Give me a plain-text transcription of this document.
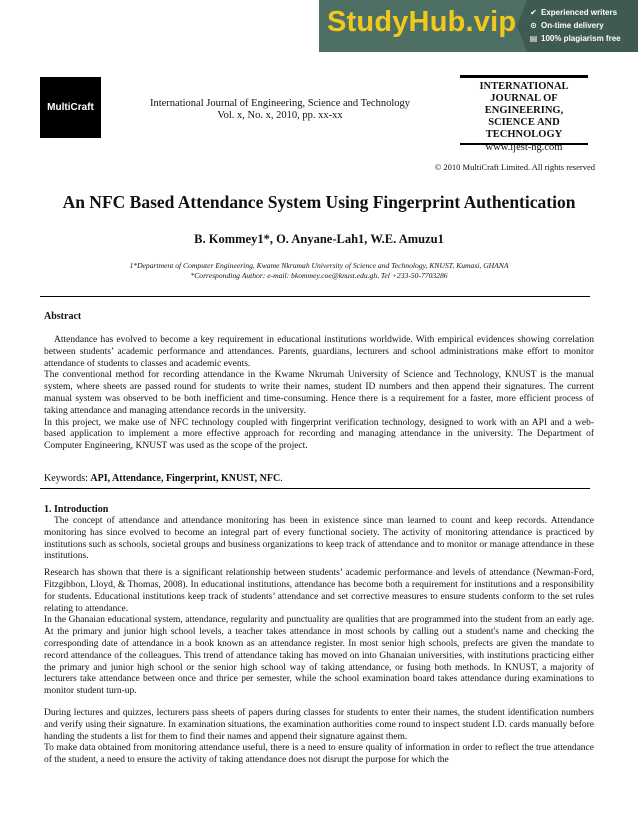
StudyHub.vip ✔ Experienced writers
⊙ On-time delivery
▤ 100% plagiarism free
MultiCraft	International Journal of Engineering, Science and Technology
Vol. x, No. x, 2010, pp. xx-xx
INTERNATIONAL
JOURNAL OF
ENGINEERING,
SCIENCE AND
TECHNOLOGY
www.ijest-ng.com
© 2010 MultiCraft Limited. All rights reserved
An NFC Based Attendance System Using Fingerprint Authentication
B. Kommey1*, O. Anyane-Lah1, W.E. Amuzu1
1*Department of Computer Engineering, Kwame Nkrumah University of Science and Technology, KNUST, Kumasi, GHANA
*Corresponding Author: e-mail: bkommey.coe@knust.edu.gh, Tel +233-50-7703286
Abstract

Attendance has evolved to become a key requirement in educational institutions worldwide. With empirical evidences showing correlation between students’ academic performance and attendances. Parents, guardians, lecturers and school administrations make effort to monitor attendance of students to classes and academic events.

The conventional method for recording attendance in the Kwame Nkrumah University of Science and Technology, KNUST is the manual system, where sheets are passed round for students to write their names, student ID numbers and then append their signatures. The current manual system was observed to be both inefficient and time-consuming. Hence there is a requirement for a faster, more efficient process of taking attendance and managing attendance records in the university.

In this project, we make use of NFC technology coupled with fingerprint verification technology, designed to work with an API and a web-based application to implement a more effective approach for recording and managing attendance in the university. The Department of Computer Engineering, KNUST was used as the scope of the project.

Keywords: API, Attendance, Fingerprint, KNUST, NFC.
1. Introduction

The concept of attendance and attendance monitoring has been in existence since man learned to count and keep records. Attendance monitoring has since evolved to become an integral part of every functional society. The activity of monitoring attendance is practiced by institutions such as schools, societal groups and business organizations to keep track of attendance and to monitor or manage attendance in these institutions.

Research has shown that there is a significant relationship between students’ academic performance and levels of attendance (Newman-Ford, Fitzgibbon, Lloyd, & Thomas, 2008). In educational institutions, attendance has become both a requirement for institutions and a responsibility for students. Educational institutions keep track of students’ attendance and set corrective measures to ensure students conform to the set rules relating to attendance.

In the Ghanaian educational system, attendance, regularity and punctuality are qualities that are programmed into the student from an early age. At the primary and junior high school levels, a teacher takes attendance in most schools by calling out a student's name and checking the corresponding date of attendance in a book known as an attendance register. In most senior high schools, prefects are given the mandate to record attendance of the colleagues. This trend of attendance taking has moved on into Ghanaian universities, with institutions practicing either the primary and junior high school or the senior high school way of taking attendance, or fusing both methods. In KNUST, a majority of lecturers take attendance between once and thrice per semester, while the school examination board takes attendance during examinations to monitor student turn-up.

During lectures and quizzes, lecturers pass sheets of papers during classes for students to enter their names, the student identification numbers and verify using their signature. In examination situations, the examination authorities come round to inspect student I.D. cards manually before handing the students a list for them to find their names and append their signature against them.

To make data obtained from monitoring attendance useful, there is a need to ensure quality of information in order to reflect the true attendance of the student, a need to ensure the activity of taking attendance does not disrupt the purpose for which the
